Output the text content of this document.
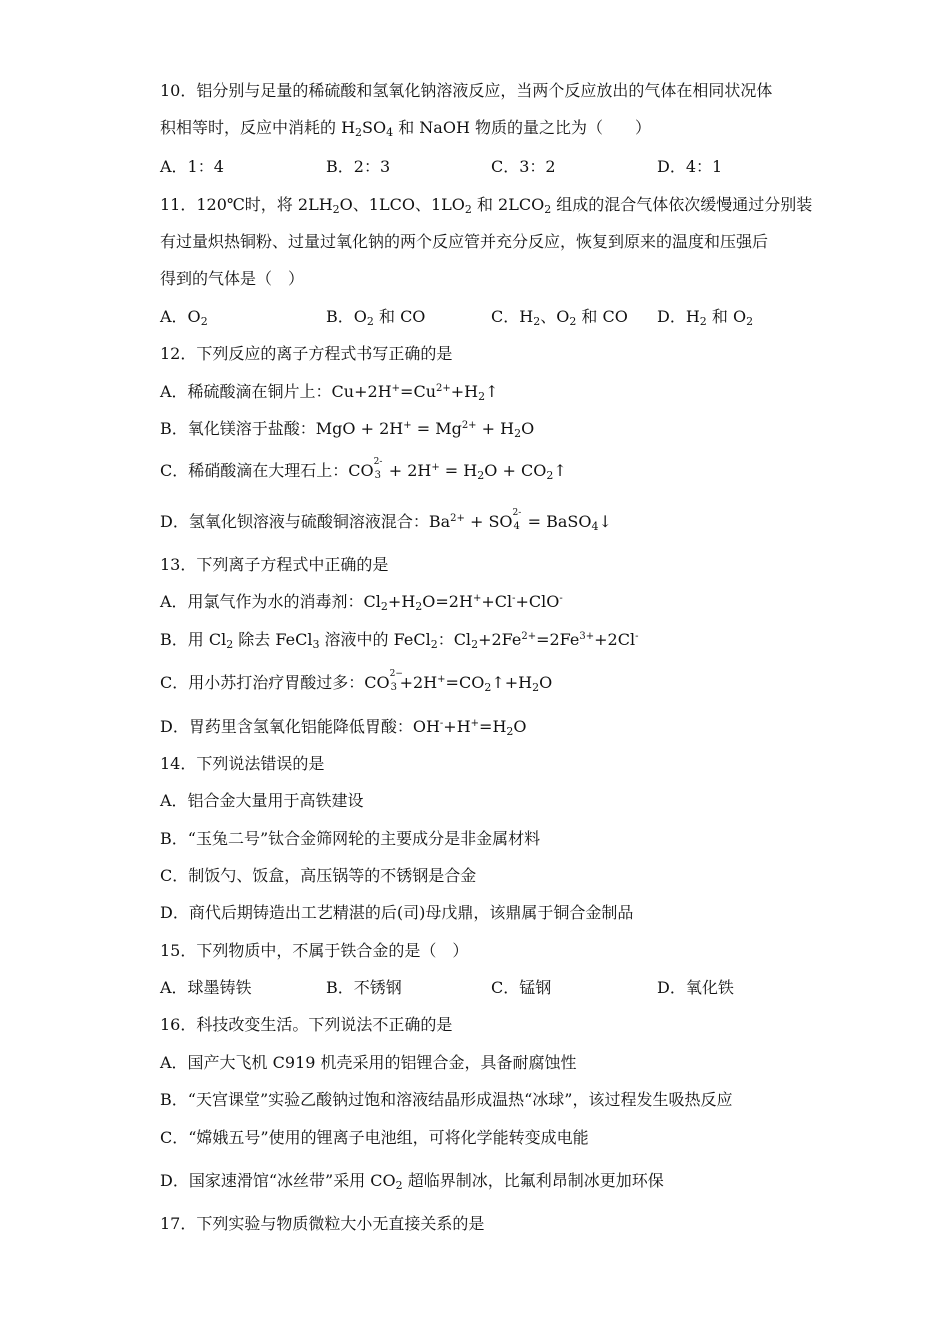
10．铝分别与足量的稀硫酸和氢氧化钠溶液反应，当两个反应放出的气体在相同状况体
积相等时，反应中消耗的 $H_2SO_4$ 和 NaOH 物质的量之比为（　　）
A．1：4	B．2：3	C．3：2	D．4：1
11．120℃时，将 $2LH_2O$、1LCO、$1LO_2$ 和 $2LCO_2$ 组成的混合气体依次缓慢通过分别装
有过量炽热铜粉、过量过氧化钠的两个反应管并充分反应，恢复到原来的温度和压强后
得到的气体是（　）
A．$O_2$	B．$O_2$ 和 CO	C．$H_2$、$O_2$ 和 CO D．$H_2$ 和 $O_2$
12．下列反应的离子方程式书写正确的是
A．稀硫酸滴在铜片上：$Cu+2H^+=Cu^{2+}+H_2↑$
B．氧化镁溶于盐酸：MgO + $2H^+ = Mg^{2+} + H_2O$
C．稀硝酸滴在大理石上：CO 2-
$3 + 2H^+ = H_2O$ + $CO_2↑$
D．氢氧化钡溶液与硫酸铜溶液混合：$Ba^{2+}$ + SO 2-
4 = BaSO$_4$↓
13．下列离子方程式中正确的是
A．用氯气作为水的消毒剂：$Cl_2+H_2O=2H^++Cl^-+ClO^-$
B．用 $Cl_2$ 除去 FeCl$_3$ 溶液中的 FeCl$_2$：$Cl_2+2Fe^{2+}=2Fe^{3+}+2Cl^-$
C．用小苏打治疗胃酸过多：CO 2−
$3 +2H^+=CO_2↑+H_2O$
D．胃药里含氢氧化铝能降低胃酸：$OH^-+H^+=H_2O$
14．下列说法错误的是
A．铝合金大量用于高铁建设
B．“玉兔二号”钛合金筛网轮的主要成分是非金属材料
C．制饭勺、饭盒，高压锅等的不锈钢是合金
D．商代后期铸造出工艺精湛的后(司)母戊鼎，该鼎属于铜合金制品
15．下列物质中，不属于铁合金的是（　）
A．球墨铸铁	B．不锈钢	C．锰钢	D．氧化铁
16．科技改变生活。下列说法不正确的是
A．国产大飞机 C919 机壳采用的铝锂合金，具备耐腐蚀性
B．“天宫课堂”实验乙酸钠过饱和溶液结晶形成温热“冰球”，该过程发生吸热反应
C．“嫦娥五号”使用的锂离子电池组，可将化学能转变成电能
D．国家速滑馆“冰丝带”采用 $CO_2$ 超临界制冰，比氟利昂制冰更加环保
17．下列实验与物质微粒大小无直接关系的是
